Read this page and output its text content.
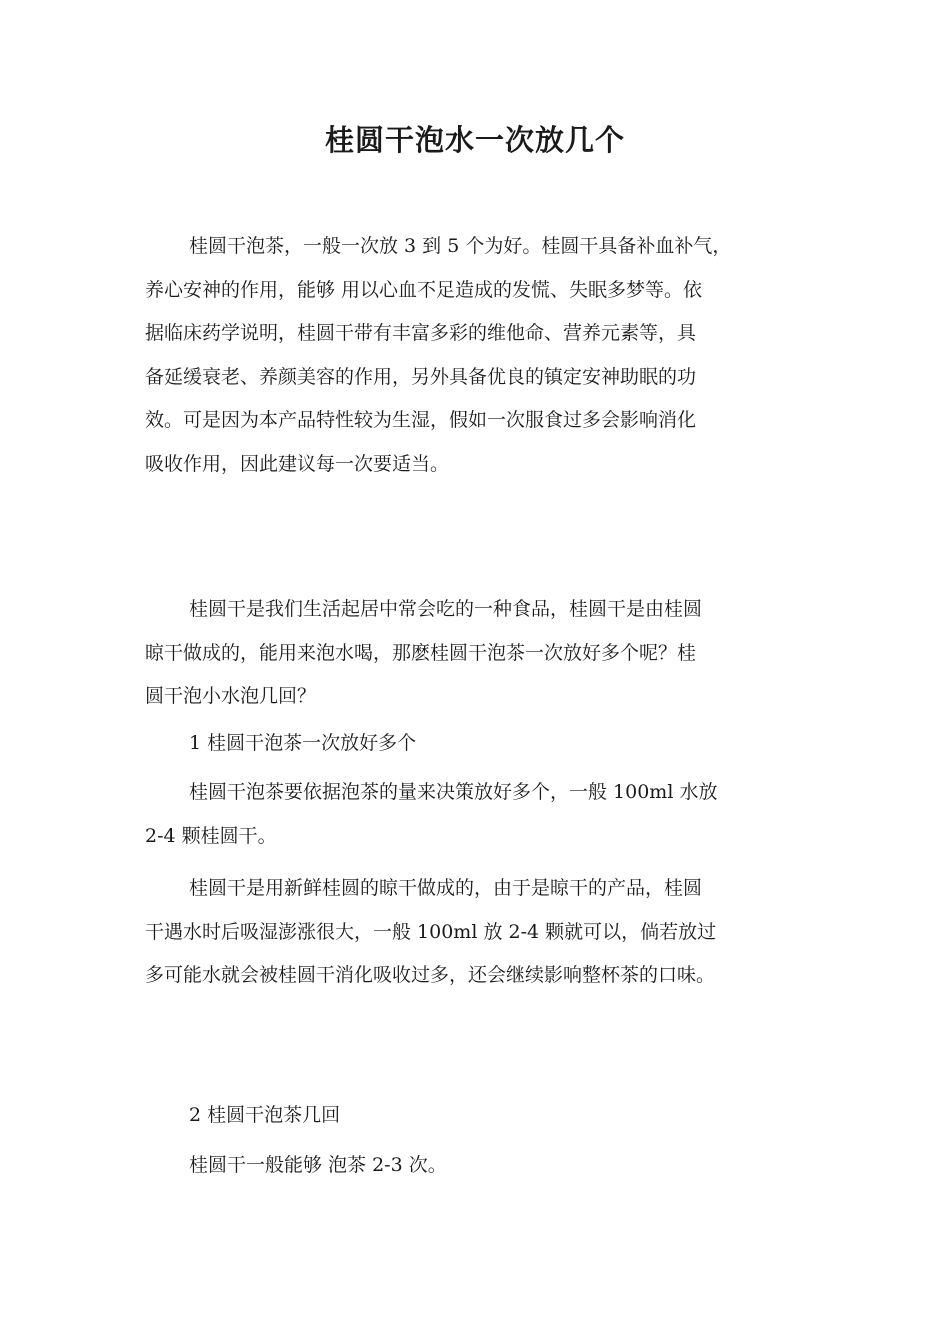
桂圆干泡水一次放几个

桂圆干泡茶，一般一次放 3 到 5 个为好。桂圆干具备补血补气，
养心安神的作用，能够 用以心血不足造成的发慌、失眠多梦等。依
据临床药学说明，桂圆干带有丰富多彩的维他命、营养元素等，具
备延缓衰老、养颜美容的作用，另外具备优良的镇定安神助眠的功
效。可是因为本产品特性较为生湿，假如一次服食过多会影响消化
吸收作用，因此建议每一次要适当。

桂圆干是我们生活起居中常会吃的一种食品，桂圆干是由桂圆
晾干做成的，能用来泡水喝，那麽桂圆干泡茶一次放好多个呢？桂
圆干泡小水泡几回？

1 桂圆干泡茶一次放好多个

桂圆干泡茶要依据泡茶的量来决策放好多个，一般 100ml 水放
2-4 颗桂圆干。

桂圆干是用新鲜桂圆的晾干做成的，由于是晾干的产品，桂圆
干遇水时后吸湿澎涨很大，一般 100ml 放 2-4 颗就可以，倘若放过
多可能水就会被桂圆干消化吸收过多，还会继续影响整杯茶的口味。

2 桂圆干泡茶几回

桂圆干一般能够 泡茶 2-3 次。
